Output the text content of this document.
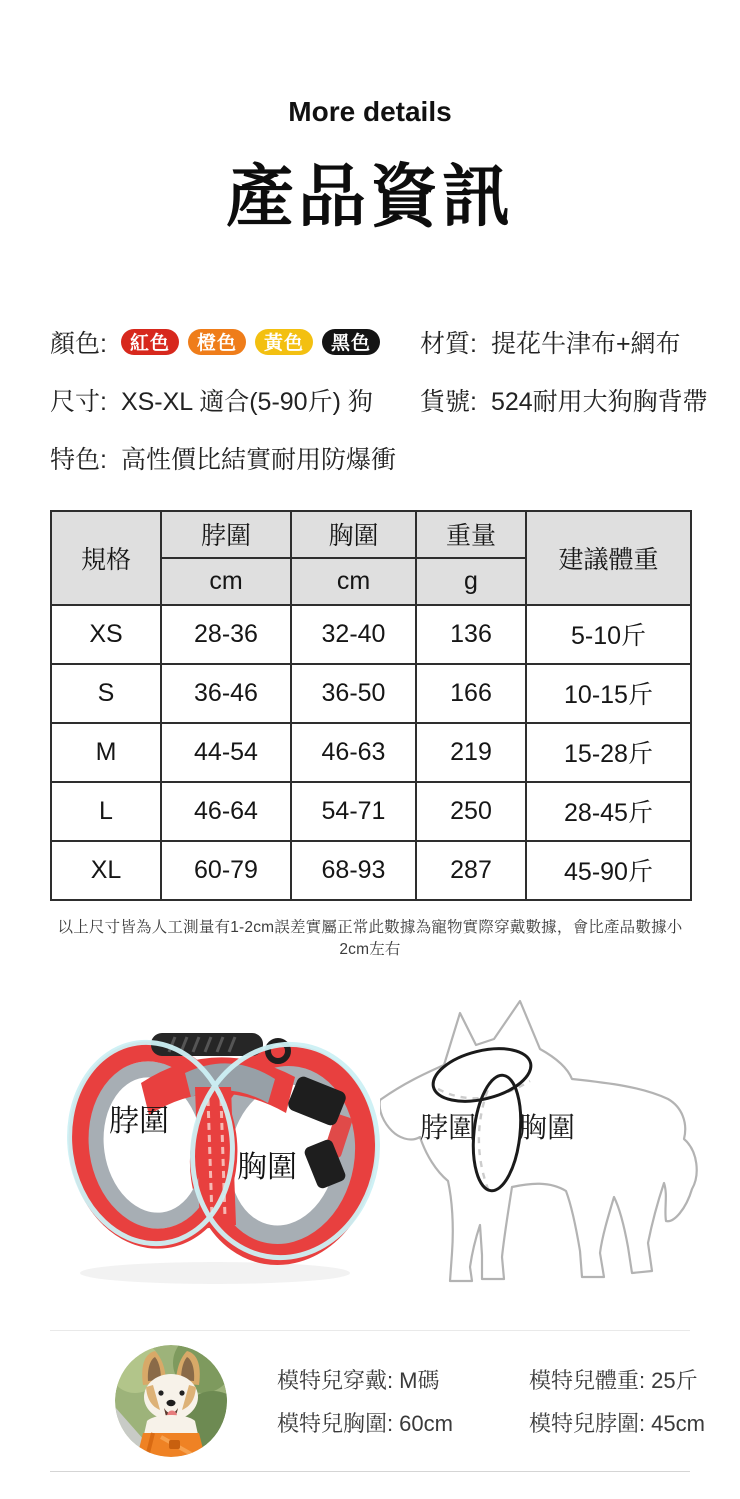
More details
產品資訊
顏色:	紅色	橙色	黃色	黑色	材質: 提花牛津布+網布
尺寸: XS-XL 適合(5-90斤) 狗 貨號: 524耐用大狗胸背帶
特色: 高性價比結實耐用防爆衝
規格	脖圍	胸圍	重量	建議體重
	cm	cm	g	
XS	28-36	32-40	136	5-10斤
S	36-46	36-50	166	10-15斤
M	44-54	46-63	219	15-28斤
L	46-64	54-71	250	28-45斤
XL	60-79	68-93	287	45-90斤
以上尺寸皆為人工測量有1-2cm誤差實屬正常此數據為寵物實際穿戴數據，會比產品數據小2cm左右
脖圍
胸圍
脖圍 胸圍
模特兒穿戴: M碼	模特兒體重: 25斤
模特兒胸圍: 60cm	模特兒脖圍: 45cm
